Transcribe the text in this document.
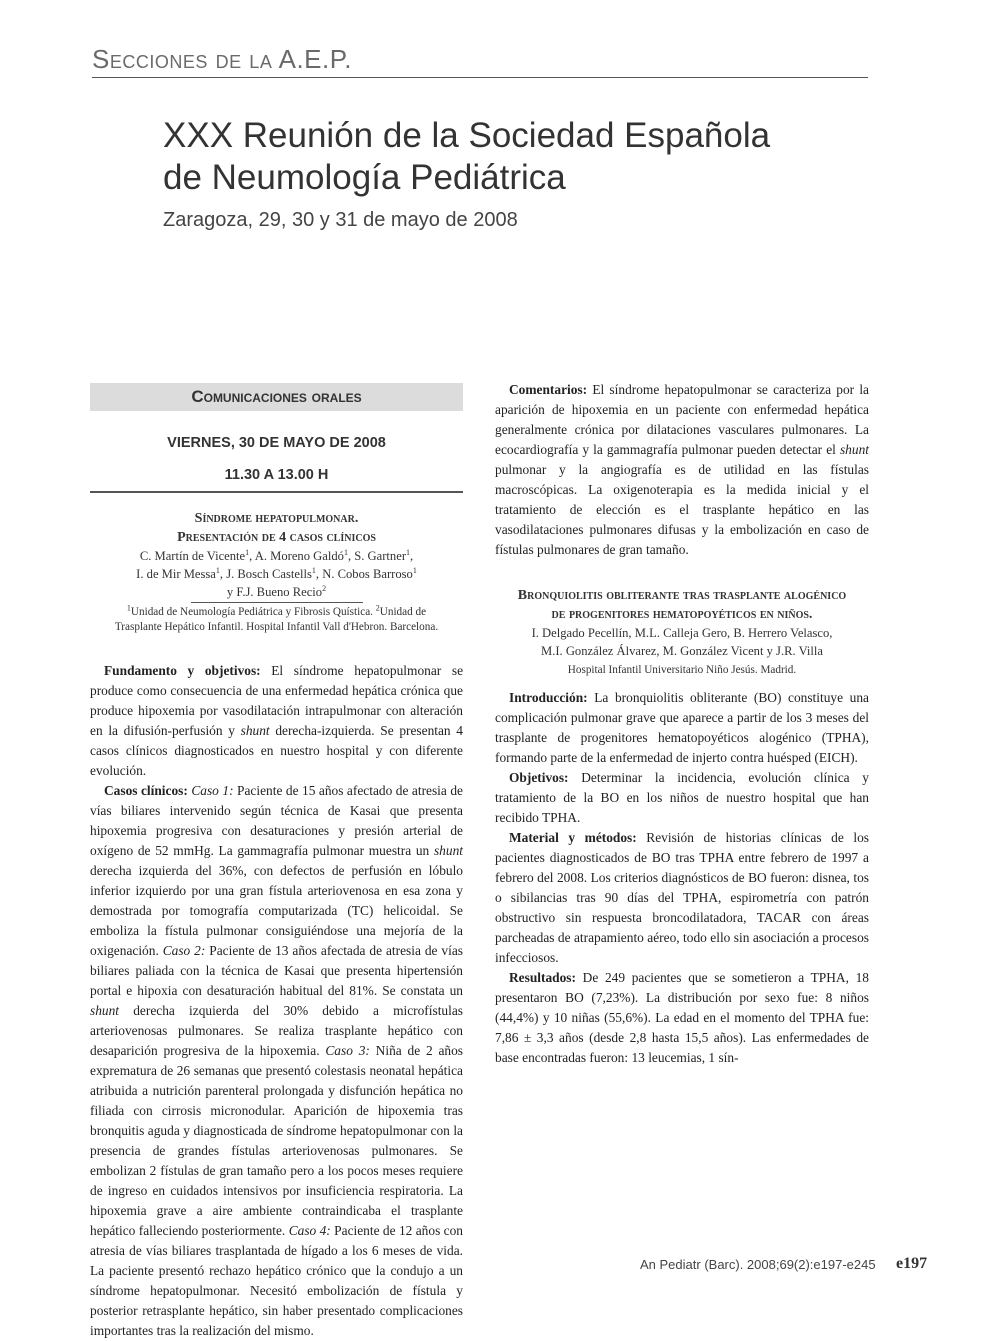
Secciones de la A.E.P.
XXX Reunión de la Sociedad Española
de Neumología Pediátrica
Zaragoza, 29, 30 y 31 de mayo de 2008
Comunicaciones orales
VIERNES, 30 DE MAYO DE 2008
11.30 A 13.00 H
Síndrome hepatopulmonar.
Presentación de 4 casos clínicos
C. Martín de Vicente$^1$, A. Moreno Galdó$^1$, S. Gartner$^1$,
I. de Mir Messa$^1$, J. Bosch Castells$^1$, N. Cobos Barroso$^1$
y F.J. Bueno Recio$^2$
$^1$Unidad de Neumología Pediátrica y Fibrosis Quística. $^2$Unidad de
Trasplante Hepático Infantil. Hospital Infantil Vall d'Hebron. Barcelona.

Fundamento y objetivos: El síndrome hepatopulmonar se produce como consecuencia de una enfermedad hepática crónica que produce hipoxemia por vasodilatación intrapulmonar con alteración en la difusión-perfusión y shunt derecha-izquierda. Se presentan 4 casos clínicos diagnosticados en nuestro hospital y con diferente evolución.

Casos clínicos: Caso 1: Paciente de 15 años afectado de atresia de vías biliares intervenido según técnica de Kasai que presenta hipoxemia progresiva con desaturaciones y presión arterial de oxígeno de 52 mmHg. La gammagrafía pulmonar muestra un shunt derecha izquierda del 36%, con defectos de perfusión en lóbulo inferior izquierdo por una gran fístula arteriovenosa en esa zona y demostrada por tomografía computarizada (TC) helicoidal. Se emboliza la fístula pulmonar consiguiéndose una mejoría de la oxigenación. Caso 2: Paciente de 13 años afectada de atresia de vías biliares paliada con la técnica de Kasai que presenta hipertensión portal e hipoxia con desaturación habitual del 81%. Se constata un shunt derecha izquierda del 30% debido a microfístulas arteriovenosas pulmonares. Se realiza trasplante hepático con desaparición progresiva de la hipoxemia. Caso 3: Niña de 2 años exprematura de 26 semanas que presentó colestasis neonatal hepática atribuida a nutrición parenteral prolongada y disfunción hepática no filiada con cirrosis micronodular. Aparición de hipoxemia tras bronquitis aguda y diagnosticada de síndrome hepatopulmonar con la presencia de grandes fístulas arteriovenosas pulmonares. Se embolizan 2 fístulas de gran tamaño pero a los pocos meses requiere de ingreso en cuidados intensivos por insuficiencia respiratoria. La hipoxemia grave a aire ambiente contraindicaba el trasplante hepático falleciendo posteriormente. Caso 4: Paciente de 12 años con atresia de vías biliares trasplantada de hígado a los 6 meses de vida. La paciente presentó rechazo hepático crónico que la condujo a un síndrome hepatopulmonar. Necesitó embolización de fístula y posterior retrasplante hepático, sin haber presentado complicaciones importantes tras la realización del mismo.

Comentarios: El síndrome hepatopulmonar se caracteriza por la aparición de hipoxemia en un paciente con enfermedad hepática generalmente crónica por dilataciones vasculares pulmonares. La ecocardiografía y la gammagrafía pulmonar pueden detectar el shunt pulmonar y la angiografía es de utilidad en las fístulas macroscópicas. La oxigenoterapia es la medida inicial y el tratamiento de elección es el trasplante hepático en las vasodilataciones pulmonares difusas y la embolización en caso de fístulas pulmonares de gran tamaño.

Bronquiolitis obliterante tras trasplante alogénico
de progenitores hematopoyéticos en niños.
I. Delgado Pecellín, M.L. Calleja Gero, B. Herrero Velasco,
M.I. González Álvarez, M. González Vicent y J.R. Villa
Hospital Infantil Universitario Niño Jesús. Madrid.

Introducción: La bronquiolitis obliterante (BO) constituye una complicación pulmonar grave que aparece a partir de los 3 meses del trasplante de progenitores hematopoyéticos alogénico (TPHA), formando parte de la enfermedad de injerto contra huésped (EICH).

Objetivos: Determinar la incidencia, evolución clínica y tratamiento de la BO en los niños de nuestro hospital que han recibido TPHA.

Material y métodos: Revisión de historias clínicas de los pacientes diagnosticados de BO tras TPHA entre febrero de 1997 a febrero del 2008. Los criterios diagnósticos de BO fueron: disnea, tos o sibilancias tras 90 días del TPHA, espirometría con patrón obstructivo sin respuesta broncodilatadora, TACAR con áreas parcheadas de atrapamiento aéreo, todo ello sin asociación a procesos infecciosos.

Resultados: De 249 pacientes que se sometieron a TPHA, 18 presentaron BO (7,23%). La distribución por sexo fue: 8 niños (44,4%) y 10 niñas (55,6%). La edad en el momento del TPHA fue: 7,86 ± 3,3 años (desde 2,8 hasta 15,5 años). Las enfermedades de base encontradas fueron: 13 leucemias, 1 sín-

An Pediatr (Barc). 2008;69(2):e197-e245 e197
